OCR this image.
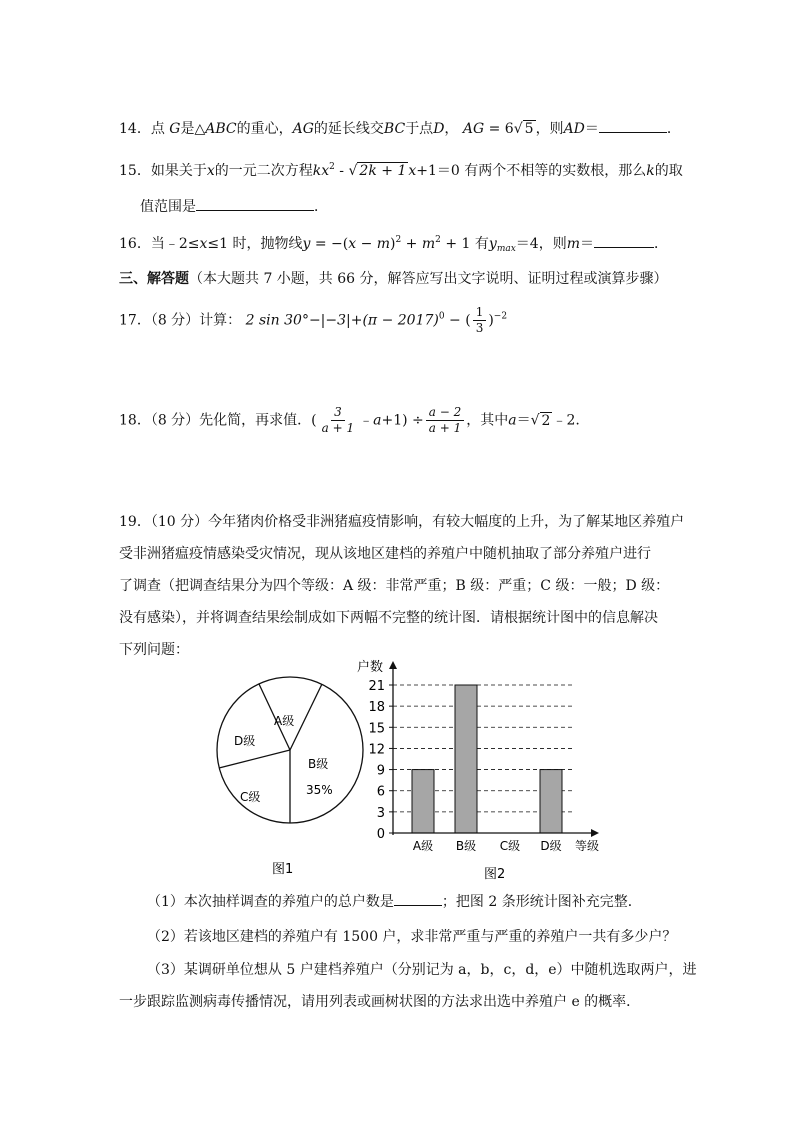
14．点 G是△ABC的重心，AG的延长线交BC于点D， AG = 6√ 5 ，则AD＝	．
15．如果关于x的一元二次方程$kx^2$ - √ 2k + 1 x+1＝0 有两个不相等的实数根，那么k的取
值范围是	．
16．当﹣2≤x≤1 时，抛物线$y = -(x - m)^2 + m^2 + 1$ 有$y_{max}=4$，则m＝	．
三、解答题（本大题共 7 小题，共 66 分，解答应写出文字说明、证明过程或演算步骤）
17．（8 分）计算： 2 $\sin 30^\circ-|-3|+(\pi - 2017)^0$ − ( $\frac{1}{3} )^{-2}$
18．（8 分）先化简，再求值．( $\frac{3}{a + 1}$ ﹣a+1) ÷ $\frac{a - 2}{a + 1}$ ，其中a＝√ 2 ﹣2.
19．（10 分）今年猪肉价格受非洲猪瘟疫情影响，有较大幅度的上升，为了解某地区养殖户
受非洲猪瘟疫情感染受灾情况，现从该地区建档的养殖户中随机抽取了部分养殖户进行
了调查（把调查结果分为四个等级：A 级：非常严重；B 级：严重；C 级：一般；D 级：
没有感染），并将调查结果绘制成如下两幅不完整的统计图．请根据统计图中的信息解决
下列问题：
A级
D级
B级
35%
C级
图1
0
3
6
9
12
15
18
21
A级 B级 C级 D级
户数
等级
图2
（1）本次抽样调查的养殖户的总户数是	；把图 2 条形统计图补充完整．
（2）若该地区建档的养殖户有 1500 户，求非常严重与严重的养殖户一共有多少户？
（3）某调研单位想从 5 户建档养殖户（分别记为 a，b，c，d，e）中随机选取两户，进
一步跟踪监测病毒传播情况，请用列表或画树状图的方法求出选中养殖户 e 的概率．
